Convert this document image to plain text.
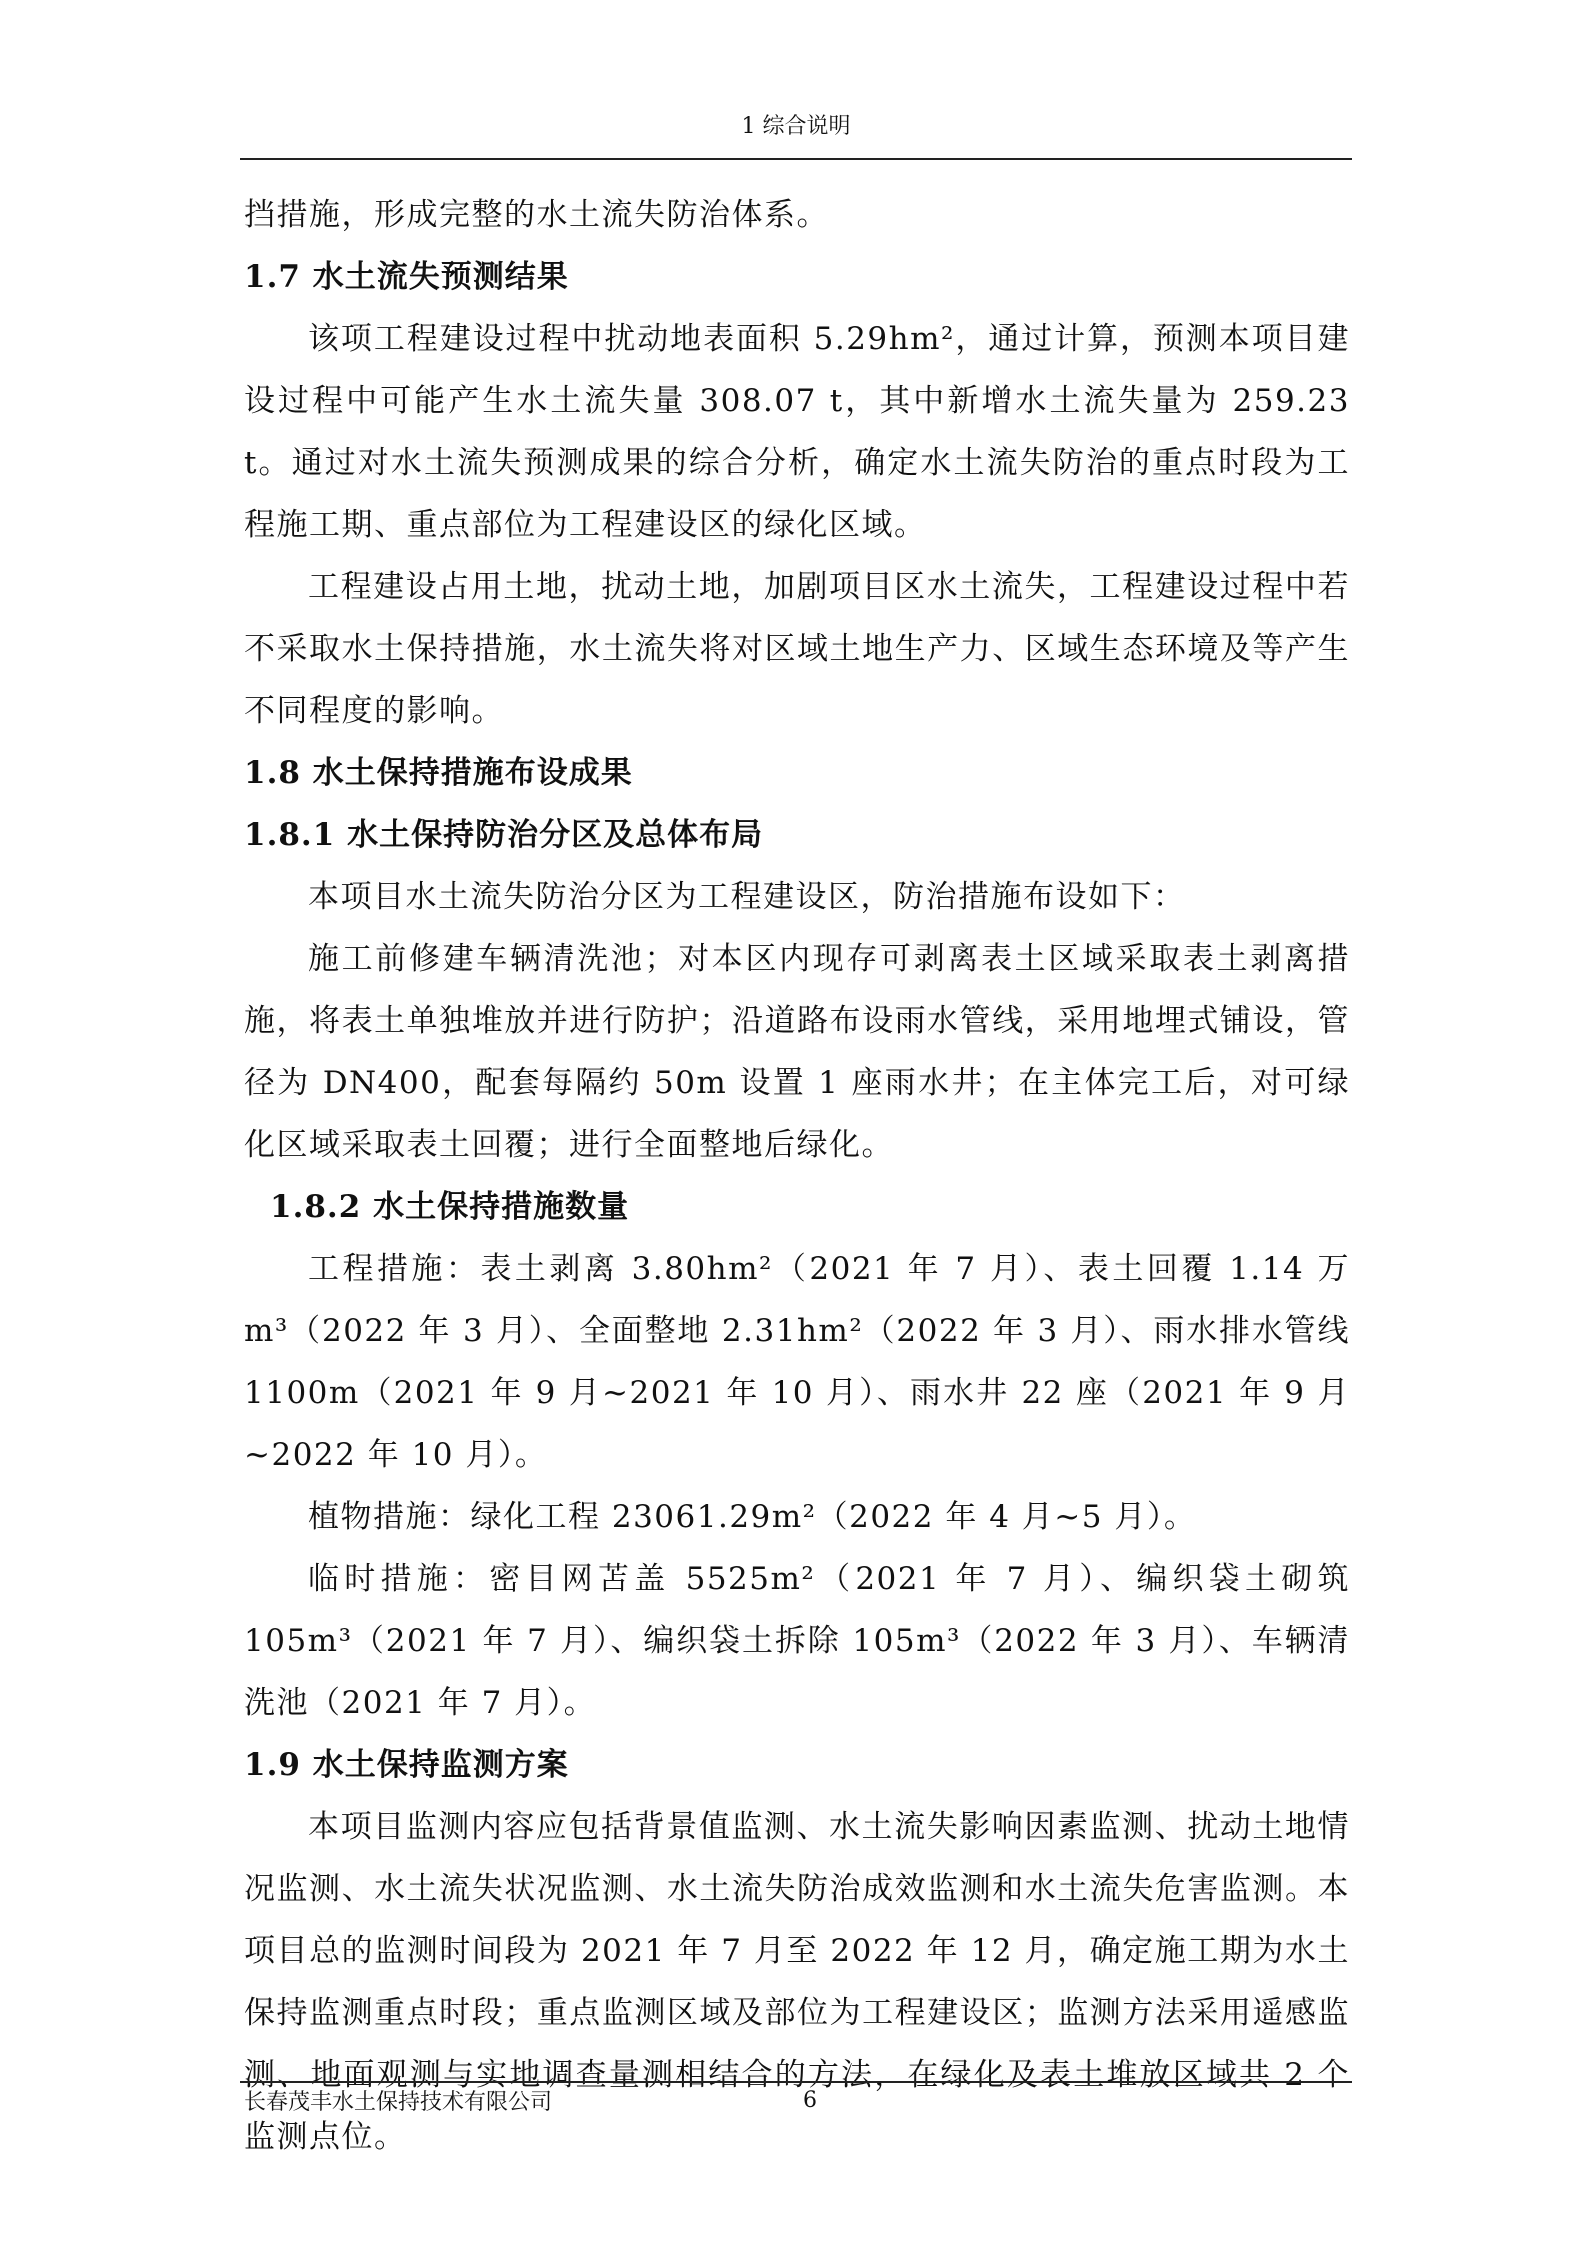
1 综合说明

挡措施，形成完整的水土流失防治体系。

1.7 水土流失预测结果

该项工程建设过程中扰动地表面积 5.29hm²，通过计算，预测本项目建设过程中可能产生水土流失量 308.07 t，其中新增水土流失量为 259.23 t。通过对水土流失预测成果的综合分析，确定水土流失防治的重点时段为工程施工期、重点部位为工程建设区的绿化区域。

工程建设占用土地，扰动土地，加剧项目区水土流失，工程建设过程中若不采取水土保持措施，水土流失将对区域土地生产力、区域生态环境及等产生不同程度的影响。

1.8 水土保持措施布设成果

1.8.1 水土保持防治分区及总体布局

本项目水土流失防治分区为工程建设区，防治措施布设如下：

施工前修建车辆清洗池；对本区内现存可剥离表土区域采取表土剥离措施，将表土单独堆放并进行防护；沿道路布设雨水管线，采用地埋式铺设，管径为 DN400，配套每隔约 50m 设置 1 座雨水井；在主体完工后，对可绿化区域采取表土回覆；进行全面整地后绿化。

1.8.2 水土保持措施数量

工程措施：表土剥离 3.80hm²（2021 年 7 月）、表土回覆 1.14 万 m³（2022 年 3 月）、全面整地 2.31hm²（2022 年 3 月）、雨水排水管线 1100m（2021 年 9 月~2021 年 10 月）、雨水井 22 座（2021 年 9 月~2022 年 10 月）。

植物措施：绿化工程 23061.29m²（2022 年 4 月~5 月）。

临时措施：密目网苫盖 5525m²（2021 年 7 月）、编织袋土砌筑 105m³（2021 年 7 月）、编织袋土拆除 105m³（2022 年 3 月）、车辆清洗池（2021 年 7 月）。

1.9 水土保持监测方案

本项目监测内容应包括背景值监测、水土流失影响因素监测、扰动土地情况监测、水土流失状况监测、水土流失防治成效监测和水土流失危害监测。本项目总的监测时间段为 2021 年 7 月至 2022 年 12 月，确定施工期为水土保持监测重点时段；重点监测区域及部位为工程建设区；监测方法采用遥感监测、地面观测与实地调查量测相结合的方法，在绿化及表土堆放区域共 2 个监测点位。

长春茂丰水土保持技术有限公司	6
